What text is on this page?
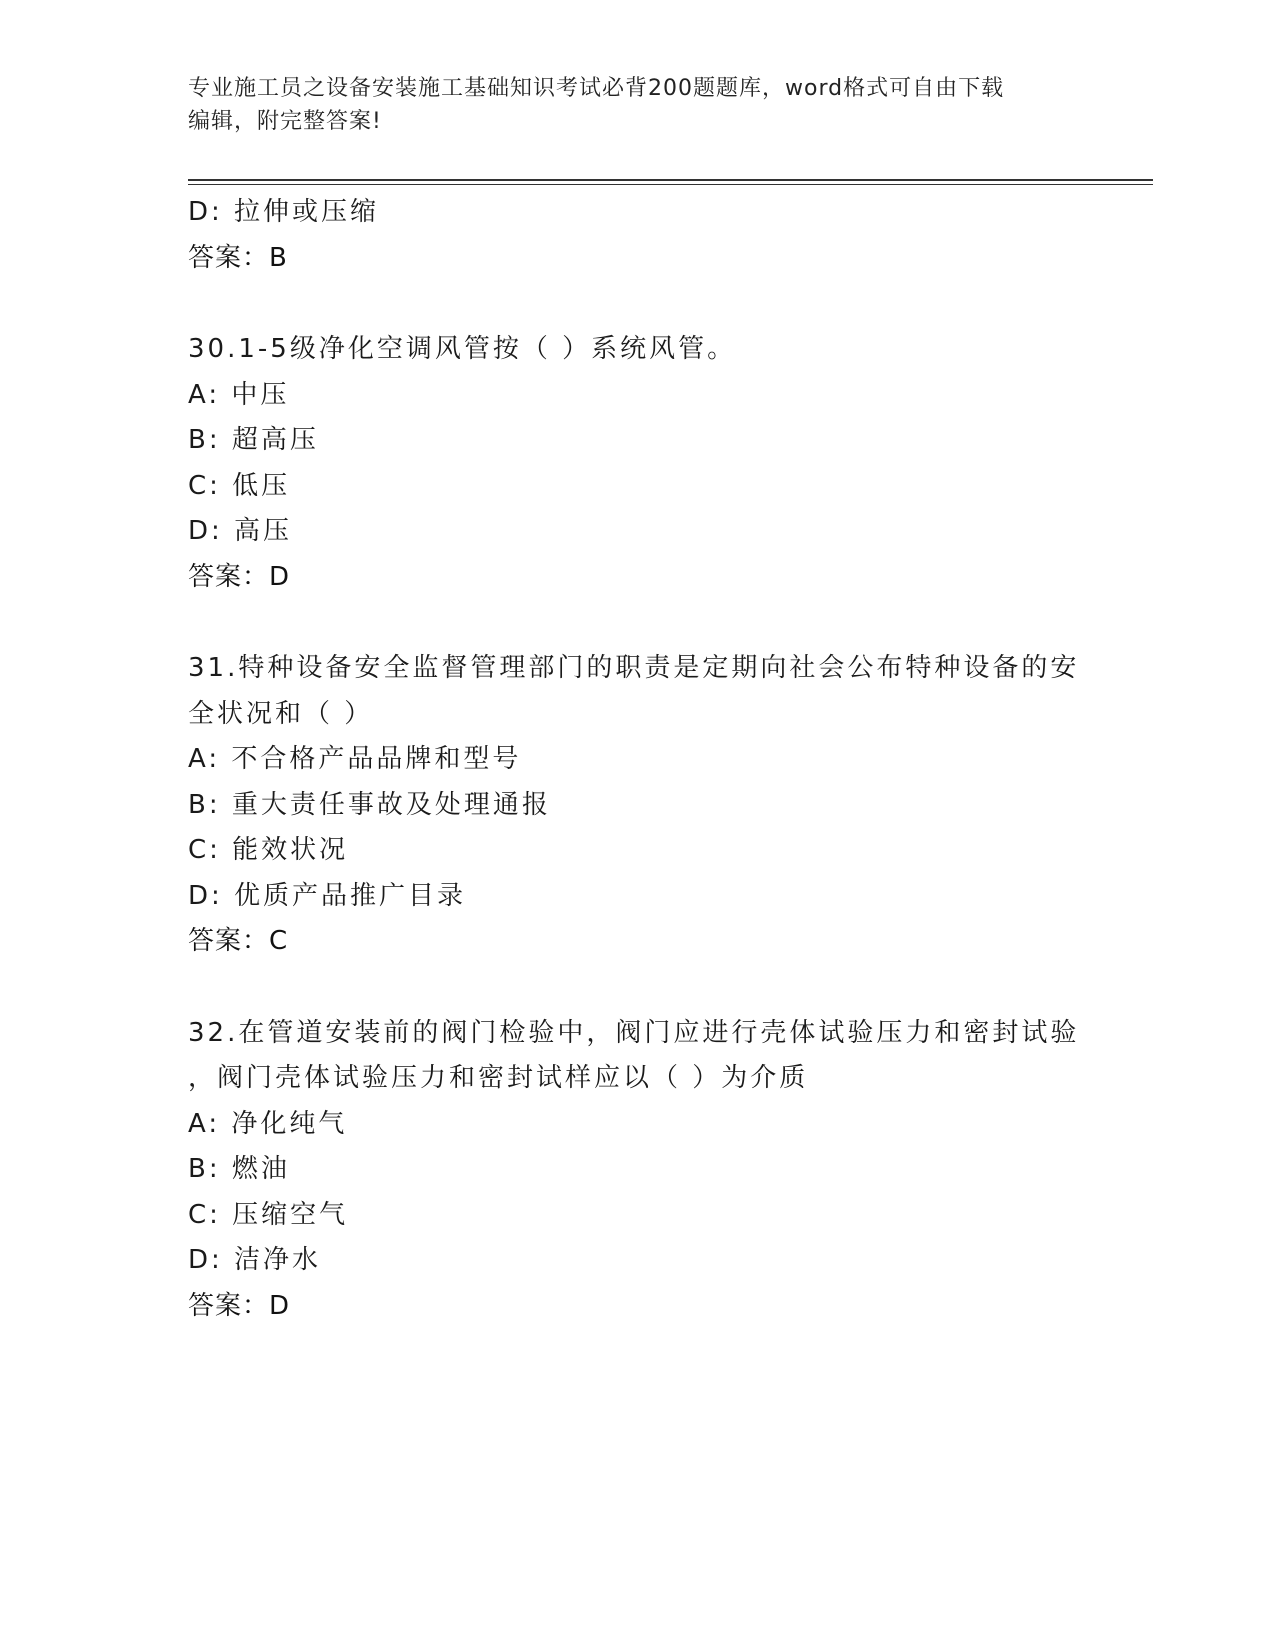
专业施工员之设备安装施工基础知识考试必背200题题库，word格式可自由下载
编辑，附完整答案!
D: 拉伸或压缩
答案：B
30.1-5级净化空调风管按（ ）系统风管。
A: 中压
B: 超高压
C: 低压
D: 高压
答案：D
31.特种设备安全监督管理部门的职责是定期向社会公布特种设备的安
全状况和（ ）
A: 不合格产品品牌和型号
B: 重大责任事故及处理通报
C: 能效状况
D: 优质产品推广目录
答案：C
32.在管道安装前的阀门检验中，阀门应进行壳体试验压力和密封试验
，阀门壳体试验压力和密封试样应以（ ）为介质
A: 净化纯气
B: 燃油
C: 压缩空气
D: 洁净水
答案：D
